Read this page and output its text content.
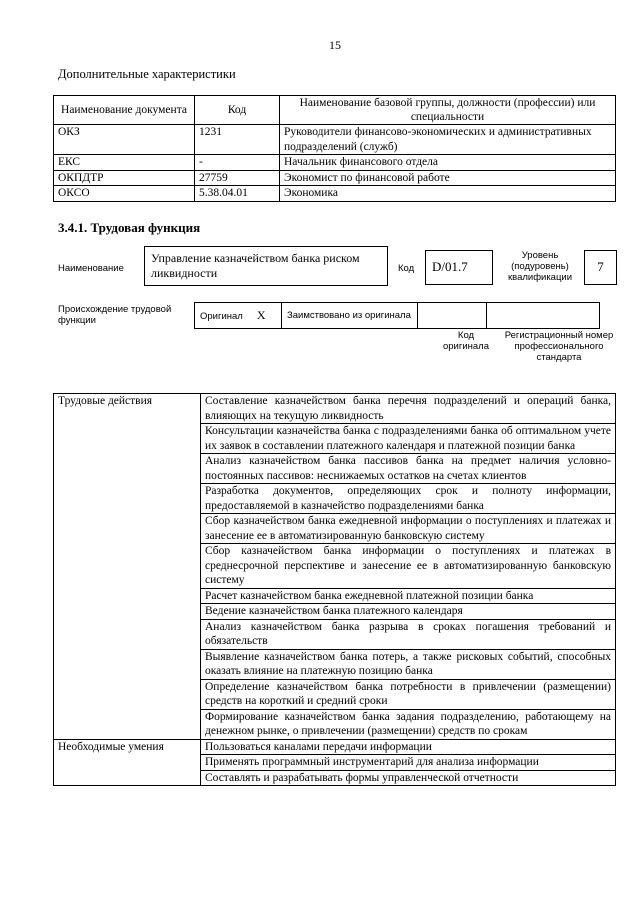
15
Дополнительные характеристики
Наименование документа	Код	Наименование базовой группы, должности (профессии) или специальности
ОКЗ	1231	Руководители финансово-экономических и административных подразделений (служб)
ЕКС	-	Начальник финансового отдела
ОКПДТР	27759	Экономист по финансовой работе
ОКСО	5.38.04.01	Экономика
3.4.1. Трудовая функция
Наименование
Управление казначейством банка риском ликвидности	Код	D/01.7
Уровень (подуровень) квалификации
7
Происхождение трудовой функции	Оригинал X	Заимствовано из оригинала		
Код оригинала
Регистрационный номер профессионального стандарта
Трудовые действия	Составление казначейством банка перечня подразделений и операций банка, влияющих на текущую ликвидность
	Консультации казначейства банка с подразделениями банка об оптимальном учете их заявок в составлении платежного календаря и платежной позиции банка
	Анализ казначейством банка пассивов банка на предмет наличия условно-постоянных пассивов: неснижаемых остатков на счетах клиентов
	Разработка документов, определяющих срок и полноту информации, предоставляемой в казначейство подразделениями банка
	Сбор казначейством банка ежедневной информации о поступлениях и платежах и занесение ее в автоматизированную банковскую систему
	Сбор казначейством банка информации о поступлениях и платежах в среднесрочной перспективе и занесение ее в автоматизированную банковскую систему
	Расчет казначейством банка ежедневной платежной позиции банка
	Ведение казначейством банка платежного календаря
	Анализ казначейством банка разрыва в сроках погашения требований и обязательств
	Выявление казначейством банка потерь, а также рисковых событий, способных оказать влияние на платежную позицию банка
	Определение казначейством банка потребности в привлечении (размещении) средств на короткий и средний сроки
	Формирование казначейством банка задания подразделению, работающему на денежном рынке, о привлечении (размещении) средств по срокам
Необходимые умения	Пользоваться каналами передачи информации
	Применять программный инструментарий для анализа информации
	Составлять и разрабатывать формы управленческой отчетности
